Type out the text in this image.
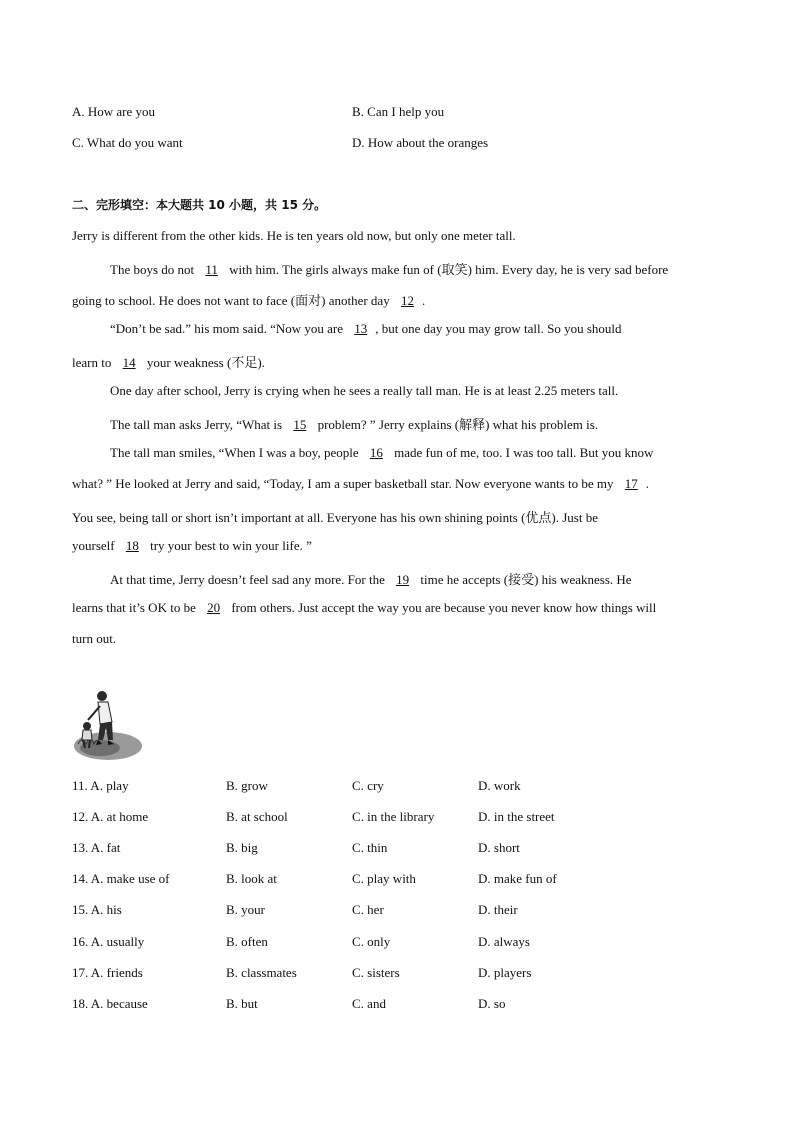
A. How are you	B. Can I help you
C. What do you want	D. How about the oranges
二、完形填空：本大题共 10 小题，共 15 分。
Jerry is different from the other kids. He is ten years old now, but only one meter tall.
The boys do not 11 with him. The girls always make fun of (取笑) him. Every day, he is very sad before
going to school. He does not want to face (面对) another day 12 .
“Don’t be sad.” his mom said. “Now you are 13 , but one day you may grow tall. So you should
learn to 14 your weakness (不足).
One day after school, Jerry is crying when he sees a really tall man. He is at least 2.25 meters tall.
The tall man asks Jerry, “What is 15 problem? ” Jerry explains (解释) what his problem is.
The tall man smiles, “When I was a boy, people 16 made fun of me, too. I was too tall. But you know
what? ” He looked at Jerry and said, “Today, I am a super basketball star. Now everyone wants to be my 17 .
You see, being tall or short isn’t important at all. Everyone has his own shining points (优点). Just be
yourself 18 try your best to win your life. ”
At that time, Jerry doesn’t feel sad any more. For the 19 time he accepts (接受) his weakness. He
learns that it’s OK to be 20 from others. Just accept the way you are because you never know how things will
turn out.
11. A. play	B. grow	C. cry	D. work
12. A. at home	B. at school	C. in the library	D. in the street
13. A. fat	B. big	C. thin	D. short
14. A. make use of	B. look at	C. play with	D. make fun of
15. A. his	B. your	C. her	D. their
16. A. usually	B. often	C. only	D. always
17. A. friends	B. classmates	C. sisters	D. players
18. A. because	B. but	C. and	D. so
